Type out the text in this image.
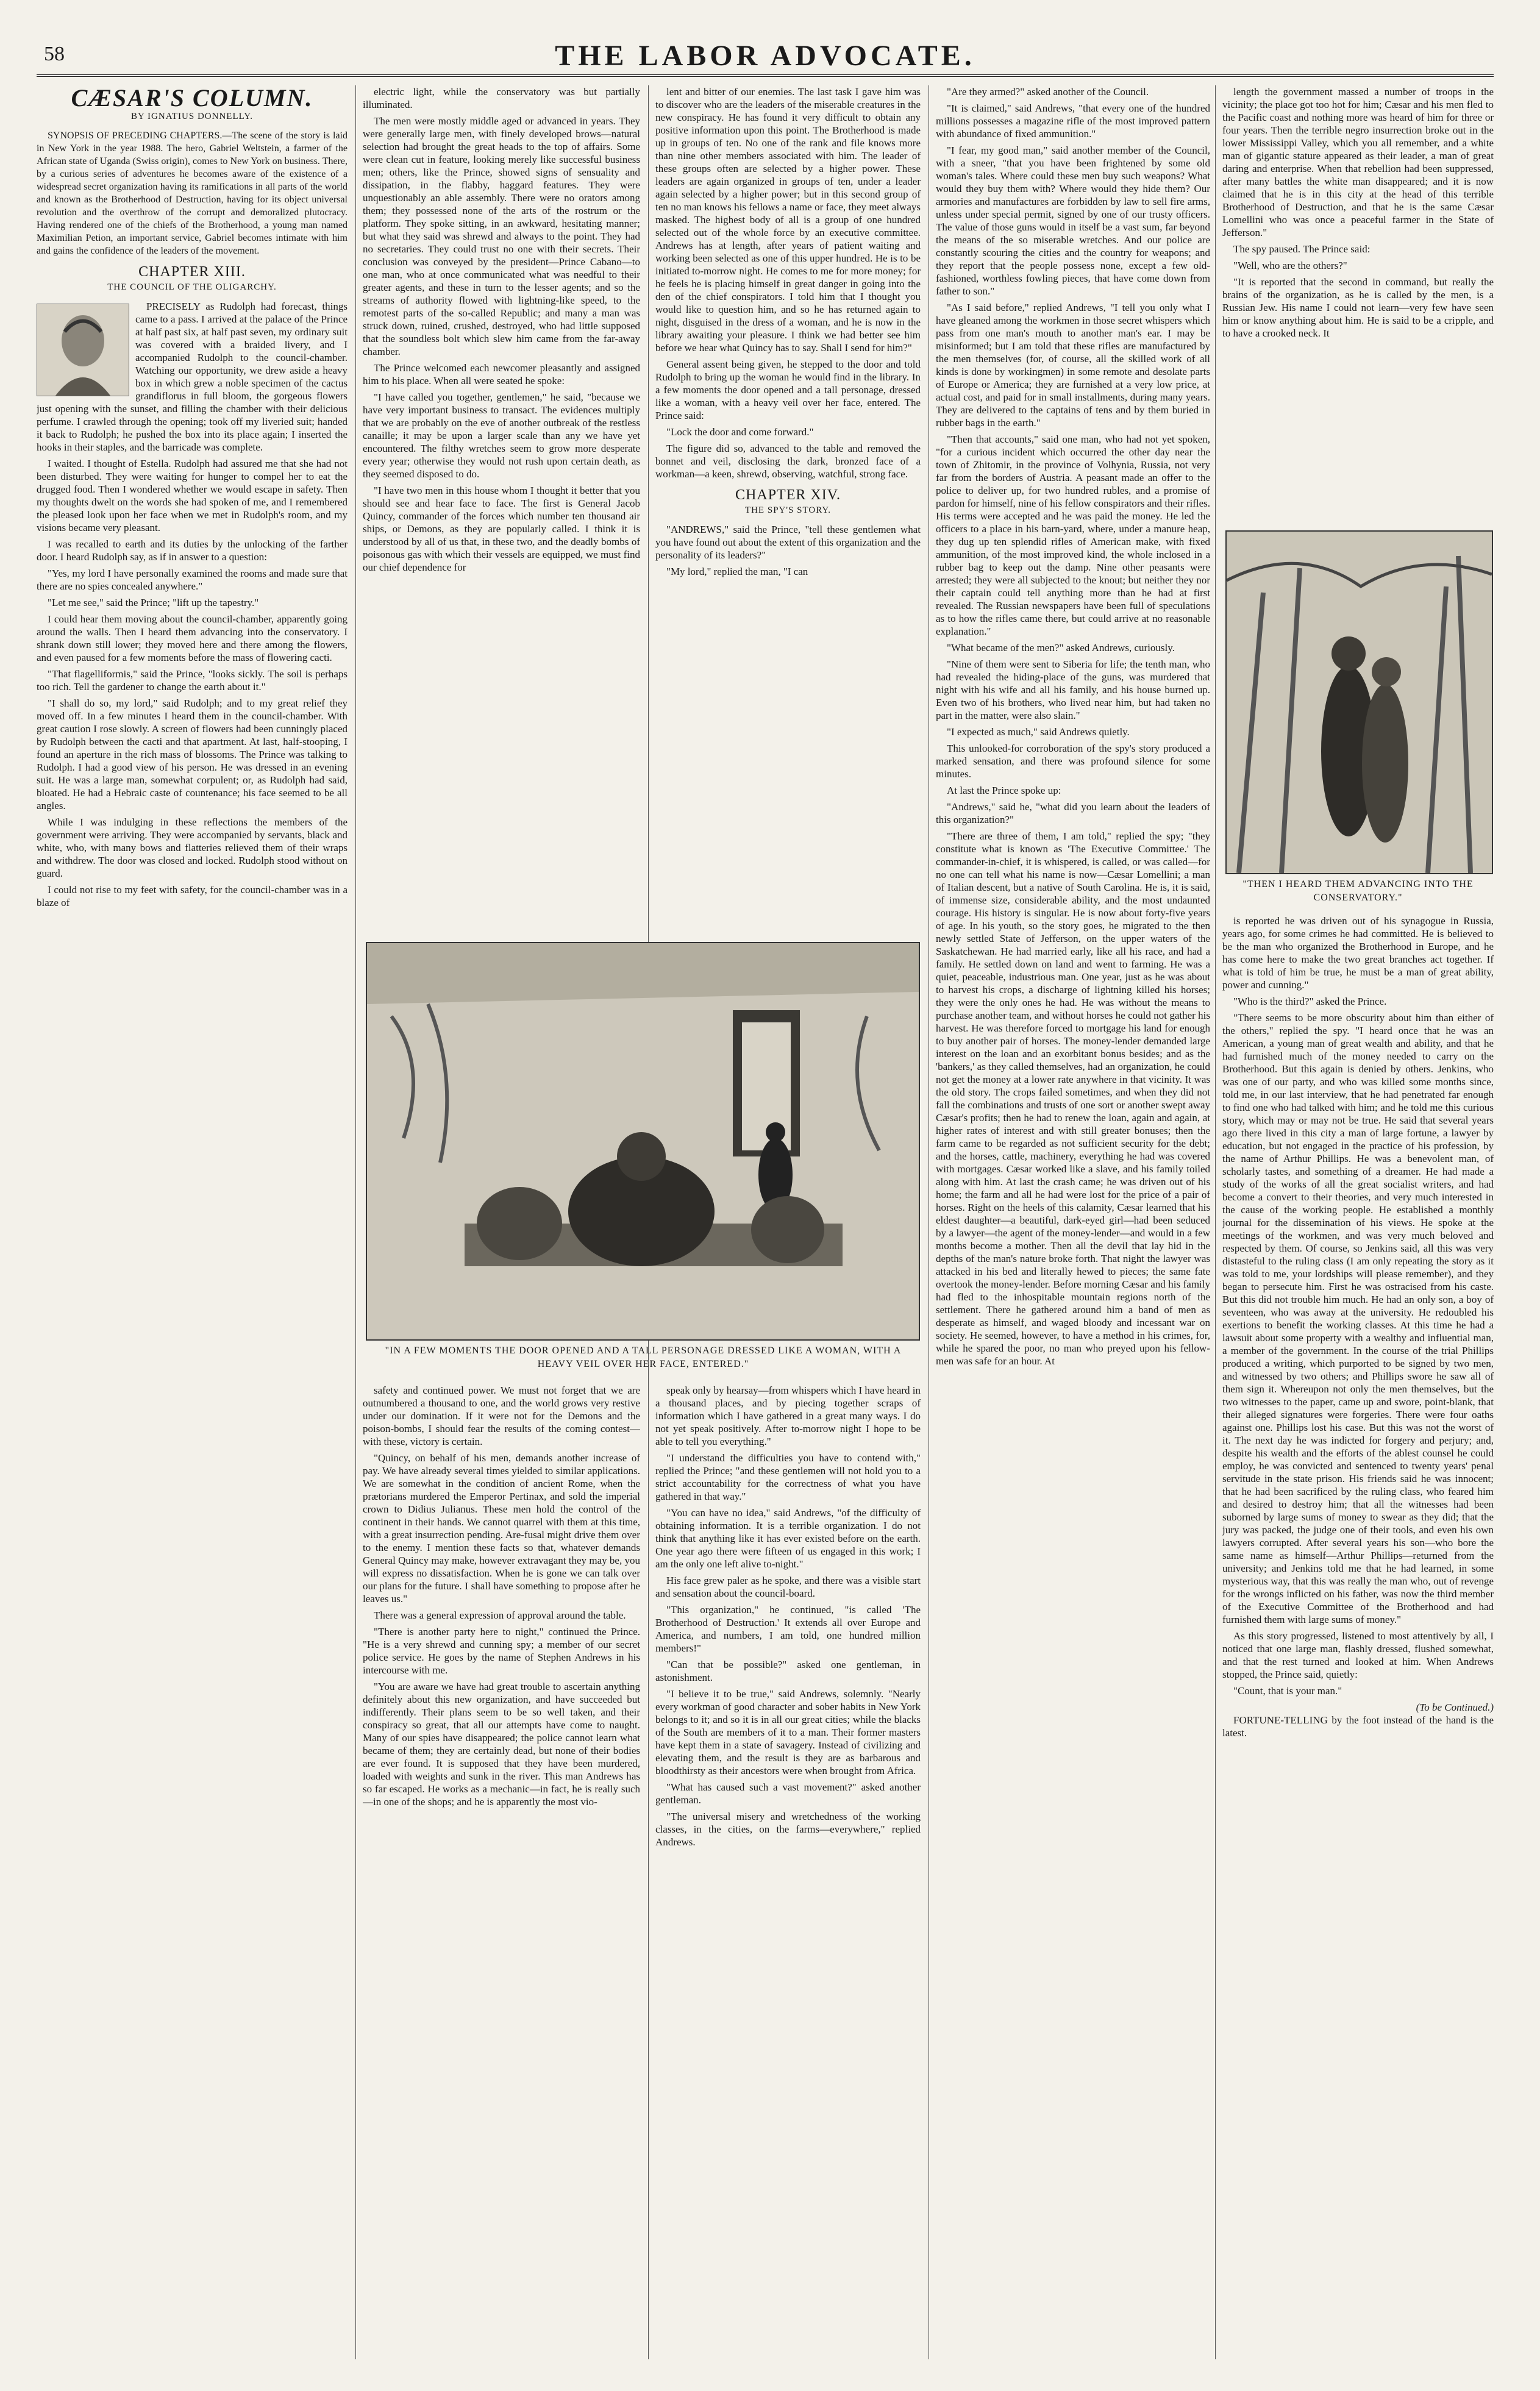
58	THE LABOR ADVOCATE.
CÆSAR'S COLUMN.
BY IGNATIUS DONNELLY.

SYNOPSIS OF PRECEDING CHAPTERS.—The scene of the story is laid in New York in the year 1988. The hero, Gabriel Weltstein, a farmer of the African state of Uganda (Swiss origin), comes to New York on business. There, by a curious series of adventures he becomes aware of the existence of a widespread secret organization having its ramifications in all parts of the world and known as the Brotherhood of Destruction, having for its object universal revolution and the overthrow of the corrupt and demoralized plutocracy. Having rendered one of the chiefs of the Brotherhood, a young man named Maximilian Petion, an important service, Gabriel becomes intimate with him and gains the confidence of the leaders of the movement.

CHAPTER XIII.
THE COUNCIL OF THE OLIGARCHY.

PRECISELY as Rudolph had forecast, things came to a pass. I arrived at the palace of the Prince at half past six, at half past seven, my ordinary suit was covered with a braided livery, and I accompanied Rudolph to the council-chamber. Watching our opportunity, we drew aside a heavy box in which grew a noble specimen of the cactus grandiflorus in full bloom, the gorgeous flowers just opening with the sunset, and filling the chamber with their delicious perfume. I crawled through the opening; took off my liveried suit; handed it back to Rudolph; he pushed the box into its place again; I inserted the hooks in their staples, and the barricade was complete.

I waited. I thought of Estella. Rudolph had assured me that she had not been disturbed. They were waiting for hunger to compel her to eat the drugged food. Then I wondered whether we would escape in safety. Then my thoughts dwelt on the words she had spoken of me, and I remembered the pleased look upon her face when we met in Rudolph's room, and my visions became very pleasant.

I was recalled to earth and its duties by the unlocking of the farther door. I heard Rudolph say, as if in answer to a question:

"Yes, my lord I have personally examined the rooms and made sure that there are no spies concealed anywhere."

"Let me see," said the Prince; "lift up the tapestry."

I could hear them moving about the council-chamber, apparently going around the walls. Then I heard them advancing into the conservatory. I shrank down still lower; they moved here and there among the flowers, and even paused for a few moments before the mass of flowering cacti.

"That flagelliformis," said the Prince, "looks sickly. The soil is perhaps too rich. Tell the gardener to change the earth about it."

"I shall do so, my lord," said Rudolph; and to my great relief they moved off. In a few minutes I heard them in the council-chamber. With great caution I rose slowly. A screen of flowers had been cunningly placed by Rudolph between the cacti and that apartment. At last, half-stooping, I found an aperture in the rich mass of blossoms. The Prince was talking to Rudolph. I had a good view of his person. He was dressed in an evening suit. He was a large man, somewhat corpulent; or, as Rudolph had said, bloated. He had a Hebraic caste of countenance; his face seemed to be all angles.

While I was indulging in these reflections the members of the government were arriving. They were accompanied by servants, black and white, who, with many bows and flatteries relieved them of their wraps and withdrew. The door was closed and locked. Rudolph stood without on guard.

I could not rise to my feet with safety, for the council-chamber was in a blaze of

electric light, while the conservatory was but partially illuminated.

The men were mostly middle aged or advanced in years. They were generally large men, with finely developed brows—natural selection had brought the great heads to the top of affairs. Some were clean cut in feature, looking merely like successful business men; others, like the Prince, showed signs of sensuality and dissipation, in the flabby, haggard features. They were unquestionably an able assembly. There were no orators among them; they possessed none of the arts of the rostrum or the platform. They spoke sitting, in an awkward, hesitating manner; but what they said was shrewd and always to the point. They had no secretaries. They could trust no one with their secrets. Their conclusion was conveyed by the president—Prince Cabano—to one man, who at once communicated what was needful to their greater agents, and these in turn to the lesser agents; and so the streams of authority flowed with lightning-like speed, to the remotest parts of the so-called Republic; and many a man was struck down, ruined, crushed, destroyed, who had little supposed that the soundless bolt which slew him came from the far-away chamber.

The Prince welcomed each newcomer pleasantly and assigned him to his place. When all were seated he spoke:

"I have called you together, gentlemen," he said, "because we have very important business to transact. The evidences multiply that we are probably on the eve of another outbreak of the restless canaille; it may be upon a larger scale than any we have yet encountered. The filthy wretches seem to grow more desperate every year; otherwise they would not rush upon certain death, as they seemed disposed to do.

"I have two men in this house whom I thought it better that you should see and hear face to face. The first is General Jacob Quincy, commander of the forces which number ten thousand air ships, or Demons, as they are popularly called. I think it is understood by all of us that, in these two, and the deadly bombs of poisonous gas with which their vessels are equipped, we must find our chief dependence for

lent and bitter of our enemies. The last task I gave him was to discover who are the leaders of the miserable creatures in the new conspiracy. He has found it very difficult to obtain any positive information upon this point. The Brotherhood is made up in groups of ten. No one of the rank and file knows more than nine other members associated with him. The leader of these groups often are selected by a higher power. These leaders are again organized in groups of ten, under a leader again selected by a higher power; but in this second group of ten no man knows his fellows a name or face, they meet always masked. The highest body of all is a group of one hundred selected out of the whole force by an executive committee. Andrews has at length, after years of patient waiting and working been selected as one of this upper hundred. He is to be initiated to-morrow night. He comes to me for more money; for he feels he is placing himself in great danger in going into the den of the chief conspirators. I told him that I thought you would like to question him, and so he has returned again to night, disguised in the dress of a woman, and he is now in the library awaiting your pleasure. I think we had better see him before we hear what Quincy has to say. Shall I send for him?"

General assent being given, he stepped to the door and told Rudolph to bring up the woman he would find in the library. In a few moments the door opened and a tall personage, dressed like a woman, with a heavy veil over her face, entered. The Prince said:

"Lock the door and come forward."

The figure did so, advanced to the table and removed the bonnet and veil, disclosing the dark, bronzed face of a workman—a keen, shrewd, observing, watchful, strong face.

CHAPTER XIV.
THE SPY'S STORY.

"ANDREWS," said the Prince, "tell these gentlemen what you have found out about the extent of this organization and the personality of its leaders?"

"My lord," replied the man, "I can

"IN A FEW MOMENTS THE DOOR OPENED AND A TALL PERSONAGE DRESSED LIKE A WOMAN, WITH A HEAVY VEIL OVER HER FACE, ENTERED."

safety and continued power. We must not forget that we are outnumbered a thousand to one, and the world grows very restive under our domination. If it were not for the Demons and the poison-bombs, I should fear the results of the coming contest—with these, victory is certain.

"Quincy, on behalf of his men, demands another increase of pay. We have already several times yielded to similar applications. We are somewhat in the condition of ancient Rome, when the prætorians murdered the Emperor Pertinax, and sold the imperial crown to Didius Julianus. These men hold the control of the continent in their hands. We cannot quarrel with them at this time, with a great insurrection pending. Are-fusal might drive them over to the enemy. I mention these facts so that, whatever demands General Quincy may make, however extravagant they may be, you will express no dissatisfaction. When he is gone we can talk over our plans for the future. I shall have something to propose after he leaves us."

There was a general expression of approval around the table.

"There is another party here to night," continued the Prince. "He is a very shrewd and cunning spy; a member of our secret police service. He goes by the name of Stephen Andrews in his intercourse with me.

"You are aware we have had great trouble to ascertain anything definitely about this new organization, and have succeeded but indifferently. Their plans seem to be so well taken, and their conspiracy so great, that all our attempts have come to naught. Many of our spies have disappeared; the police cannot learn what became of them; they are certainly dead, but none of their bodies are ever found. It is supposed that they have been murdered, loaded with weights and sunk in the river. This man Andrews has so far escaped. He works as a mechanic—in fact, he is really such—in one of the shops; and he is apparently the most vio-

speak only by hearsay—from whispers which I have heard in a thousand places, and by piecing together scraps of information which I have gathered in a great many ways. I do not yet speak positively. After to-morrow night I hope to be able to tell you everything."

"I understand the difficulties you have to contend with," replied the Prince; "and these gentlemen will not hold you to a strict accountability for the correctness of what you have gathered in that way."

"You can have no idea," said Andrews, "of the difficulty of obtaining information. It is a terrible organization. I do not think that anything like it has ever existed before on the earth. One year ago there were fifteen of us engaged in this work; I am the only one left alive to-night."

His face grew paler as he spoke, and there was a visible start and sensation about the council-board.

"This organization," he continued, "is called 'The Brotherhood of Destruction.' It extends all over Europe and America, and numbers, I am told, one hundred million members!"

"Can that be possible?" asked one gentleman, in astonishment.

"I believe it to be true," said Andrews, solemnly. "Nearly every workman of good character and sober habits in New York belongs to it; and so it is in all our great cities; while the blacks of the South are members of it to a man. Their former masters have kept them in a state of savagery. Instead of civilizing and elevating them, and the result is they are as barbarous and bloodthirsty as their ancestors were when brought from Africa.

"What has caused such a vast movement?" asked another gentleman.

"The universal misery and wretchedness of the working classes, in the cities, on the farms—everywhere," replied Andrews.

"Are they armed?" asked another of the Council.

"It is claimed," said Andrews, "that every one of the hundred millions possesses a magazine rifle of the most improved pattern with abundance of fixed ammunition."

"I fear, my good man," said another member of the Council, with a sneer, "that you have been frightened by some old woman's tales. Where could these men buy such weapons? What would they buy them with? Where would they hide them? Our armories and manufactures are forbidden by law to sell fire arms, unless under special permit, signed by one of our trusty officers. The value of those guns would in itself be a vast sum, far beyond the means of the so miserable wretches. And our police are constantly scouring the cities and the country for weapons; and they report that the people possess none, except a few old-fashioned, worthless fowling pieces, that have come down from father to son."

"As I said before," replied Andrews, "I tell you only what I have gleaned among the workmen in those secret whispers which pass from one man's mouth to another man's ear. I may be misinformed; but I am told that these rifles are manufactured by the men themselves (for, of course, all the skilled work of all kinds is done by workingmen) in some remote and desolate parts of Europe or America; they are furnished at a very low price, at actual cost, and paid for in small installments, during many years. They are delivered to the captains of tens and by them buried in rubber bags in the earth."

"Then that accounts," said one man, who had not yet spoken, "for a curious incident which occurred the other day near the town of Zhitomir, in the province of Volhynia, Russia, not very far from the borders of Austria. A peasant made an offer to the police to deliver up, for two hundred rubles, and a promise of pardon for himself, nine of his fellow conspirators and their rifles. His terms were accepted and he was paid the money. He led the officers to a place in his barn-yard, where, under a manure heap, they dug up ten splendid rifles of American make, with fixed ammunition, of the most improved kind, the whole inclosed in a rubber bag to keep out the damp. Nine other peasants were arrested; they were all subjected to the knout; but neither they nor their captain could tell anything more than he had at first revealed. The Russian newspapers have been full of speculations as to how the rifles came there, but could arrive at no reasonable explanation."

"What became of the men?" asked Andrews, curiously.

"Nine of them were sent to Siberia for life; the tenth man, who had revealed the hiding-place of the guns, was murdered that night with his wife and all his family, and his house burned up. Even two of his brothers, who lived near him, but had taken no part in the matter, were also slain."

"I expected as much," said Andrews quietly.

This unlooked-for corroboration of the spy's story produced a marked sensation, and there was profound silence for some minutes.

At last the Prince spoke up:

"Andrews," said he, "what did you learn about the leaders of this organization?"

"There are three of them, I am told," replied the spy; "they constitute what is known as 'The Executive Committee.' The commander-in-chief, it is whispered, is called, or was called—for no one can tell what his name is now—Cæsar Lomellini; a man of Italian descent, but a native of South Carolina. He is, it is said, of immense size, considerable ability, and the most undaunted courage. His history is singular. He is now about forty-five years of age. In his youth, so the story goes, he migrated to the then newly settled State of Jefferson, on the upper waters of the Saskatchewan. He had married early, like all his race, and had a family. He settled down on land and went to farming. He was a quiet, peaceable, industrious man. One year, just as he was about to harvest his crops, a discharge of lightning killed his horses; they were the only ones he had. He was without the means to purchase another team, and without horses he could not gather his harvest. He was therefore forced to mortgage his land for enough to buy another pair of horses. The money-lender demanded large interest on the loan and an exorbitant bonus besides; and as the 'bankers,' as they called themselves, had an organization, he could not get the money at a lower rate anywhere in that vicinity. It was the old story. The crops failed sometimes, and when they did not fall the combinations and trusts of one sort or another swept away Cæsar's profits; then he had to renew the loan, again and again, at higher rates of interest and with still greater bonuses; then the farm came to be regarded as not sufficient security for the debt; and the horses, cattle, machinery, everything he had was covered with mortgages. Cæsar worked like a slave, and his family toiled along with him. At last the crash came; he was driven out of his home; the farm and all he had were lost for the price of a pair of horses. Right on the heels of this calamity, Cæsar learned that his eldest daughter—a beautiful, dark-eyed girl—had been seduced by a lawyer—the agent of the money-lender—and would in a few months become a mother. Then all the devil that lay hid in the depths of the man's nature broke forth. That night the lawyer was attacked in his bed and literally hewed to pieces; the same fate overtook the money-lender. Before morning Cæsar and his family had fled to the inhospitable mountain regions north of the settlement. There he gathered around him a band of men as desperate as himself, and waged bloody and incessant war on society. He seemed, however, to have a method in his crimes, for, while he spared the poor, no man who preyed upon his fellow-men was safe for an hour. At

length the government massed a number of troops in the vicinity; the place got too hot for him; Cæsar and his men fled to the Pacific coast and nothing more was heard of him for three or four years. Then the terrible negro insurrection broke out in the lower Mississippi Valley, which you all remember, and a white man of gigantic stature appeared as their leader, a man of great daring and enterprise. When that rebellion had been suppressed, after many battles the white man disappeared; and it is now claimed that he is in this city at the head of this terrible Brotherhood of Destruction, and that he is the same Cæsar Lomellini who was once a peaceful farmer in the State of Jefferson."

The spy paused. The Prince said:

"Well, who are the others?"

"It is reported that the second in command, but really the brains of the organization, as he is called by the men, is a Russian Jew. His name I could not learn—very few have seen him or know anything about him. He is said to be a cripple, and to have a crooked neck. It

"THEN I HEARD THEM ADVANCING INTO THE CONSERVATORY."

is reported he was driven out of his synagogue in Russia, years ago, for some crimes he had committed. He is believed to be the man who organized the Brotherhood in Europe, and he has come here to make the two great branches act together. If what is told of him be true, he must be a man of great ability, power and cunning."

"Who is the third?" asked the Prince.

"There seems to be more obscurity about him than either of the others," replied the spy. "I heard once that he was an American, a young man of great wealth and ability, and that he had furnished much of the money needed to carry on the Brotherhood. But this again is denied by others. Jenkins, who was one of our party, and who was killed some months since, told me, in our last interview, that he had penetrated far enough to find one who had talked with him; and he told me this curious story, which may or may not be true. He said that several years ago there lived in this city a man of large fortune, a lawyer by education, but not engaged in the practice of his profession, by the name of Arthur Phillips. He was a benevolent man, of scholarly tastes, and something of a dreamer. He had made a study of the works of all the great socialist writers, and had become a convert to their theories, and very much interested in the cause of the working people. He established a monthly journal for the dissemination of his views. He spoke at the meetings of the workmen, and was very much beloved and respected by them. Of course, so Jenkins said, all this was very distasteful to the ruling class (I am only repeating the story as it was told to me, your lordships will please remember), and they began to persecute him. First he was ostracised from his caste. But this did not trouble him much. He had an only son, a boy of seventeen, who was away at the university. He redoubled his exertions to benefit the working classes. At this time he had a lawsuit about some property with a wealthy and influential man, a member of the government. In the course of the trial Phillips produced a writing, which purported to be signed by two men, and witnessed by two others; and Phillips swore he saw all of them sign it. Whereupon not only the men themselves, but the two witnesses to the paper, came up and swore, point-blank, that their alleged signatures were forgeries. There were four oaths against one. Phillips lost his case. But this was not the worst of it. The next day he was indicted for forgery and perjury; and, despite his wealth and the efforts of the ablest counsel he could employ, he was convicted and sentenced to twenty years' penal servitude in the state prison. His friends said he was innocent; that he had been sacrificed by the ruling class, who feared him and desired to destroy him; that all the witnesses had been suborned by large sums of money to swear as they did; that the jury was packed, the judge one of their tools, and even his own lawyers corrupted. After several years his son—who bore the same name as himself—Arthur Phillips—returned from the university; and Jenkins told me that he had learned, in some mysterious way, that this was really the man who, out of revenge for the wrongs inflicted on his father, was now the third member of the Executive Committee of the Brotherhood and had furnished them with large sums of money."

As this story progressed, listened to most attentively by all, I noticed that one large man, flashly dressed, flushed somewhat, and that the rest turned and looked at him. When Andrews stopped, the Prince said, quietly:

"Count, that is your man."

(To be Continued.)

FORTUNE-TELLING by the foot instead of the hand is the latest.
